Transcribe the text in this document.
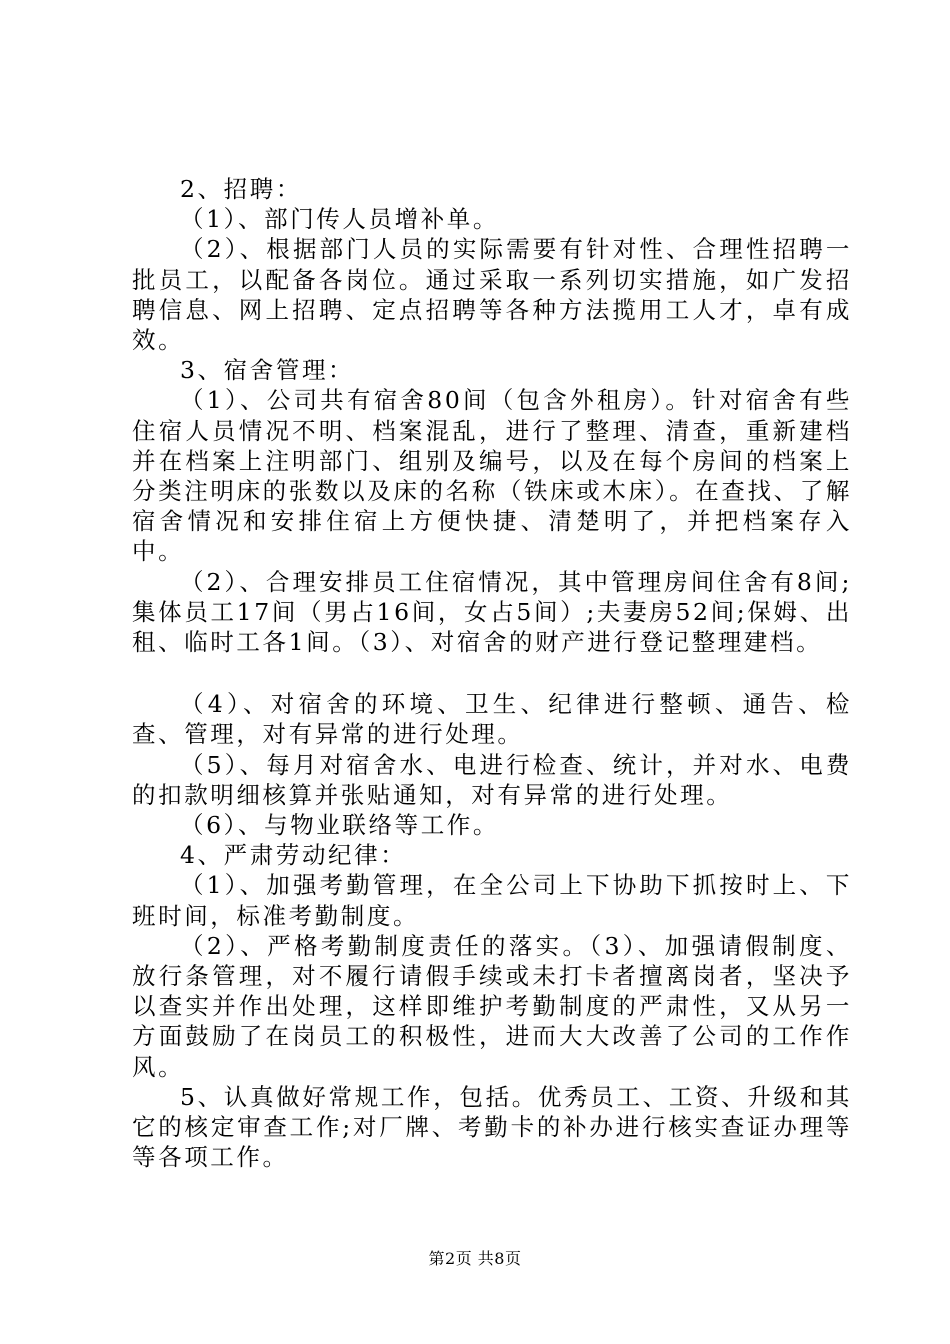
2、招聘：

（1）、部门传人员增补单。

（2）、根据部门人员的实际需要有针对性、合理性招聘一批员工，以配备各岗位。通过采取一系列切实措施，如广发招聘信息、网上招聘、定点招聘等各种方法揽用工人才，卓有成效。

3、宿舍管理：

（1）、公司共有宿舍80间（包含外租房）。针对宿舍有些住宿人员情况不明、档案混乱，进行了整理、清查，重新建档并在档案上注明部门、组别及编号，以及在每个房间的档案上分类注明床的张数以及床的名称（铁床或木床）。在查找、了解宿舍情况和安排住宿上方便快捷、清楚明了，并把档案存入中。

（2）、合理安排员工住宿情况，其中管理房间住舍有8间;集体员工17间（男占16间，女占5间）;夫妻房52间;保姆、出租、临时工各1间。（3）、对宿舍的财产进行登记整理建档。

（4）、对宿舍的环境、卫生、纪律进行整顿、通告、检查、管理，对有异常的进行处理。

（5）、每月对宿舍水、电进行检查、统计，并对水、电费的扣款明细核算并张贴通知，对有异常的进行处理。

（6）、与物业联络等工作。

4、严肃劳动纪律：

（1）、加强考勤管理，在全公司上下协助下抓按时上、下班时间，标准考勤制度。

（2）、严格考勤制度责任的落实。（3）、加强请假制度、放行条管理，对不履行请假手续或未打卡者擅离岗者，坚决予以查实并作出处理，这样即维护考勤制度的严肃性，又从另一方面鼓励了在岗员工的积极性，进而大大改善了公司的工作作风。

5、认真做好常规工作，包括。优秀员工、工资、升级和其它的核定审查工作;对厂牌、考勤卡的补办进行核实查证办理等等各项工作。

第2页 共8页
